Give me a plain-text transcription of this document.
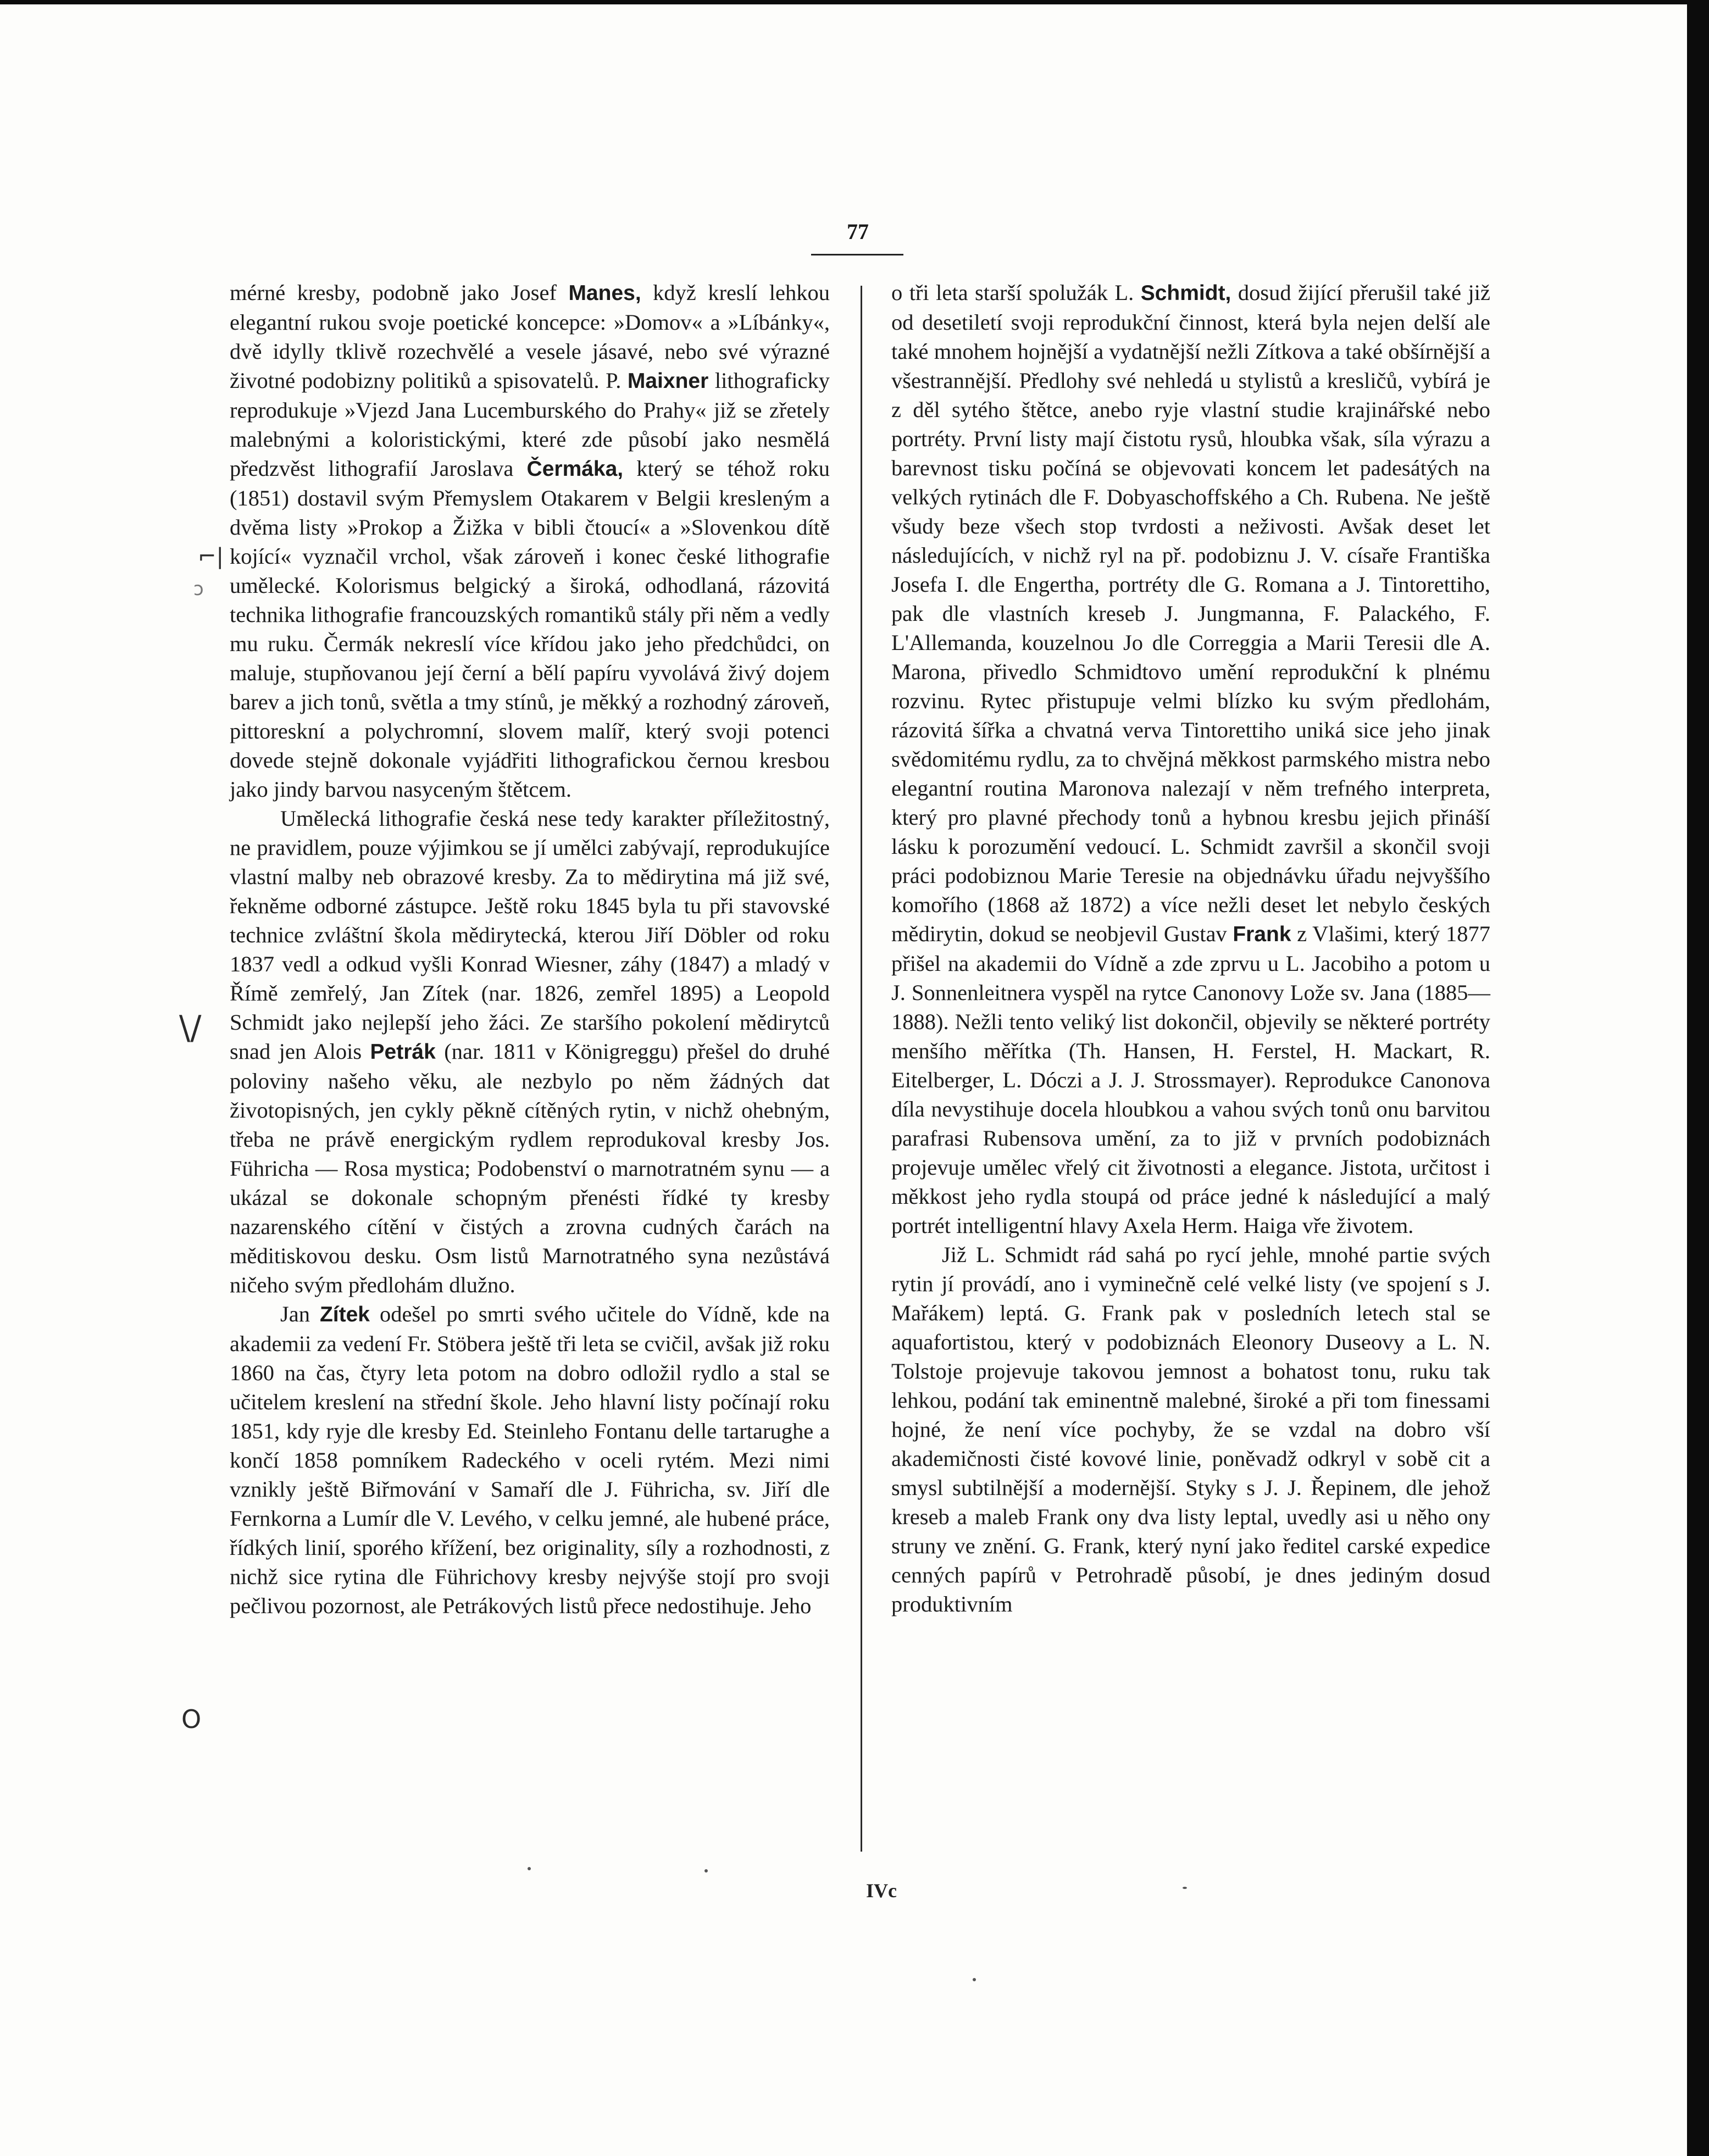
77

mérné kresby, podobně jako Josef Manes, když kreslí lehkou elegantní rukou svoje poetické koncepce: »Domov« a »Líbánky«, dvě idylly tklivě rozechvělé a vesele jásavé, nebo své výrazné životné podobizny politiků a spisovatelů. P. Maixner lithograficky reprodukuje »Vjezd Jana Lucemburského do Prahy« již se zřetely malebnými a koloristickými, které zde působí jako nesmělá předzvěst lithografií Jaroslava Čermáka, který se téhož roku (1851) dostavil svým Přemyslem Otakarem v Belgii kresleným a dvěma listy »Prokop a Žižka v bibli čtoucí« a »Slovenkou dítě kojící« vyznačil vrchol, však zároveň i konec české lithografie umělecké. Kolorismus belgický a široká, odhodlaná, rázovitá technika lithografie francouzských romantiků stály při něm a vedly mu ruku. Čermák nekreslí více křídou jako jeho předchůdci, on maluje, stupňovanou její černí a bělí papíru vyvolává živý dojem barev a jich tonů, světla a tmy stínů, je měkký a rozhodný zároveň, pittoreskní a polychromní, slovem malíř, který svoji potenci dovede stejně dokonale vyjádřiti lithografickou černou kresbou jako jindy barvou nasyceným štětcem.

Umělecká lithografie česká nese tedy karakter příležitostný, ne pravidlem, pouze výjimkou se jí umělci zabývají, reprodukujíce vlastní malby neb obrazové kresby. Za to mědirytina má již své, řekněme odborné zástupce. Ještě roku 1845 byla tu při stavovské technice zvláštní škola mědirytecká, kterou Jiří Döbler od roku 1837 vedl a odkud vyšli Konrad Wiesner, záhy (1847) a mladý v Římě zemřelý, Jan Zítek (nar. 1826, zemřel 1895) a Leopold Schmidt jako nejlepší jeho žáci. Ze staršího pokolení mědirytců snad jen Alois Petrák (nar. 1811 v Königreggu) přešel do druhé poloviny našeho věku, ale nezbylo po něm žádných dat životopisných, jen cykly pěkně cítěných rytin, v nichž ohebným, třeba ne právě energickým rydlem reprodukoval kresby Jos. Führicha — Rosa mystica; Podobenství o marnotratném synu — a ukázal se dokonale schopným přenésti řídké ty kresby nazarenského cítění v čistých a zrovna cudných čarách na měditiskovou desku. Osm listů Marnotratného syna nezůstává ničeho svým předlohám dlužno.

Jan Zítek odešel po smrti svého učitele do Vídně, kde na akademii za vedení Fr. Stöbera ještě tři leta se cvičil, avšak již roku 1860 na čas, čtyry leta potom na dobro odložil rydlo a stal se učitelem kreslení na střední škole. Jeho hlavní listy počínají roku 1851, kdy ryje dle kresby Ed. Steinleho Fontanu delle tartarughe a končí 1858 pomníkem Radeckého v oceli rytém. Mezi nimi vznikly ještě Biřmování v Samaří dle J. Führicha, sv. Jiří dle Fernkorna a Lumír dle V. Levého, v celku jemné, ale hubené práce, řídkých linií, sporého křížení, bez originality, síly a rozhodnosti, z nichž sice rytina dle Führichovy kresby nejvýše stojí pro svoji pečlivou pozornost, ale Petrákových listů přece nedostihuje. Jeho

o tři leta starší spolužák L. Schmidt, dosud žijící přerušil také již od desetiletí svoji reprodukční činnost, která byla nejen delší ale také mnohem hojnější a vydatnější nežli Zítkova a také obšírnější a všestrannější. Předlohy své nehledá u stylistů a kresličů, vybírá je z děl sytého štětce, anebo ryje vlastní studie krajinářské nebo portréty. První listy mají čistotu rysů, hloubka však, síla výrazu a barevnost tisku počíná se objevovati koncem let padesátých na velkých rytinách dle F. Dobyaschoffského a Ch. Rubena. Ne ještě všudy beze všech stop tvrdosti a neživosti. Avšak deset let následujících, v nichž ryl na př. podobiznu J. V. císaře Františka Josefa I. dle Engertha, portréty dle G. Romana a J. Tintorettiho, pak dle vlastních kreseb J. Jungmanna, F. Palackého, F. L'Allemanda, kouzelnou Jo dle Correggia a Marii Teresii dle A. Marona, přivedlo Schmidtovo umění reprodukční k plnému rozvinu. Rytec přistupuje velmi blízko ku svým předlohám, rázovitá šířka a chvatná verva Tintorettiho uniká sice jeho jinak svědomitému rydlu, za to chvějná měkkost parmského mistra nebo elegantní routina Maronova nalezají v něm trefného interpreta, který pro plavné přechody tonů a hybnou kresbu jejich přináší lásku k porozumění vedoucí. L. Schmidt završil a skončil svoji práci podobiznou Marie Teresie na objednávku úřadu nejvyššího komořího (1868 až 1872) a více nežli deset let nebylo českých mědirytin, dokud se neobjevil Gustav Frank z Vlašimi, který 1877 přišel na akademii do Vídně a zde zprvu u L. Jacobiho a potom u J. Sonnenleitnera vyspěl na rytce Canonovy Lože sv. Jana (1885—1888). Nežli tento veliký list dokončil, objevily se některé portréty menšího měřítka (Th. Hansen, H. Ferstel, H. Mackart, R. Eitelberger, L. Dóczi a J. J. Strossmayer). Reprodukce Canonova díla nevystihuje docela hloubkou a vahou svých tonů onu barvitou parafrasi Rubensova umění, za to již v prvních podobiznách projevuje umělec vřelý cit životnosti a elegance. Jistota, určitost i měkkost jeho rydla stoupá od práce jedné k následující a malý portrét intelligentní hlavy Axela Herm. Haiga vře životem.

Již L. Schmidt rád sahá po rycí jehle, mnohé partie svých rytin jí provádí, ano i vyminečně celé velké listy (ve spojení s J. Mařákem) leptá. G. Frank pak v posledních letech stal se aquafortistou, který v podobiznách Eleonory Duseovy a L. N. Tolstoje projevuje takovou jemnost a bohatost tonu, ruku tak lehkou, podání tak eminentně malebné, široké a při tom finessami hojné, že není více pochyby, že se vzdal na dobro vší akademičnosti čisté kovové linie, poněvadž odkryl v sobě cit a smysl subtilnější a modernější. Styky s J. J. Řepinem, dle jehož kreseb a maleb Frank ony dva listy leptal, uvedly asi u něho ony struny ve znění. G. Frank, který nyní jako ředitel carské expedice cenných papírů v Petrohradě působí, je dnes jediným dosud produktivním

IVc
⌐|
ɔ
\/
O
